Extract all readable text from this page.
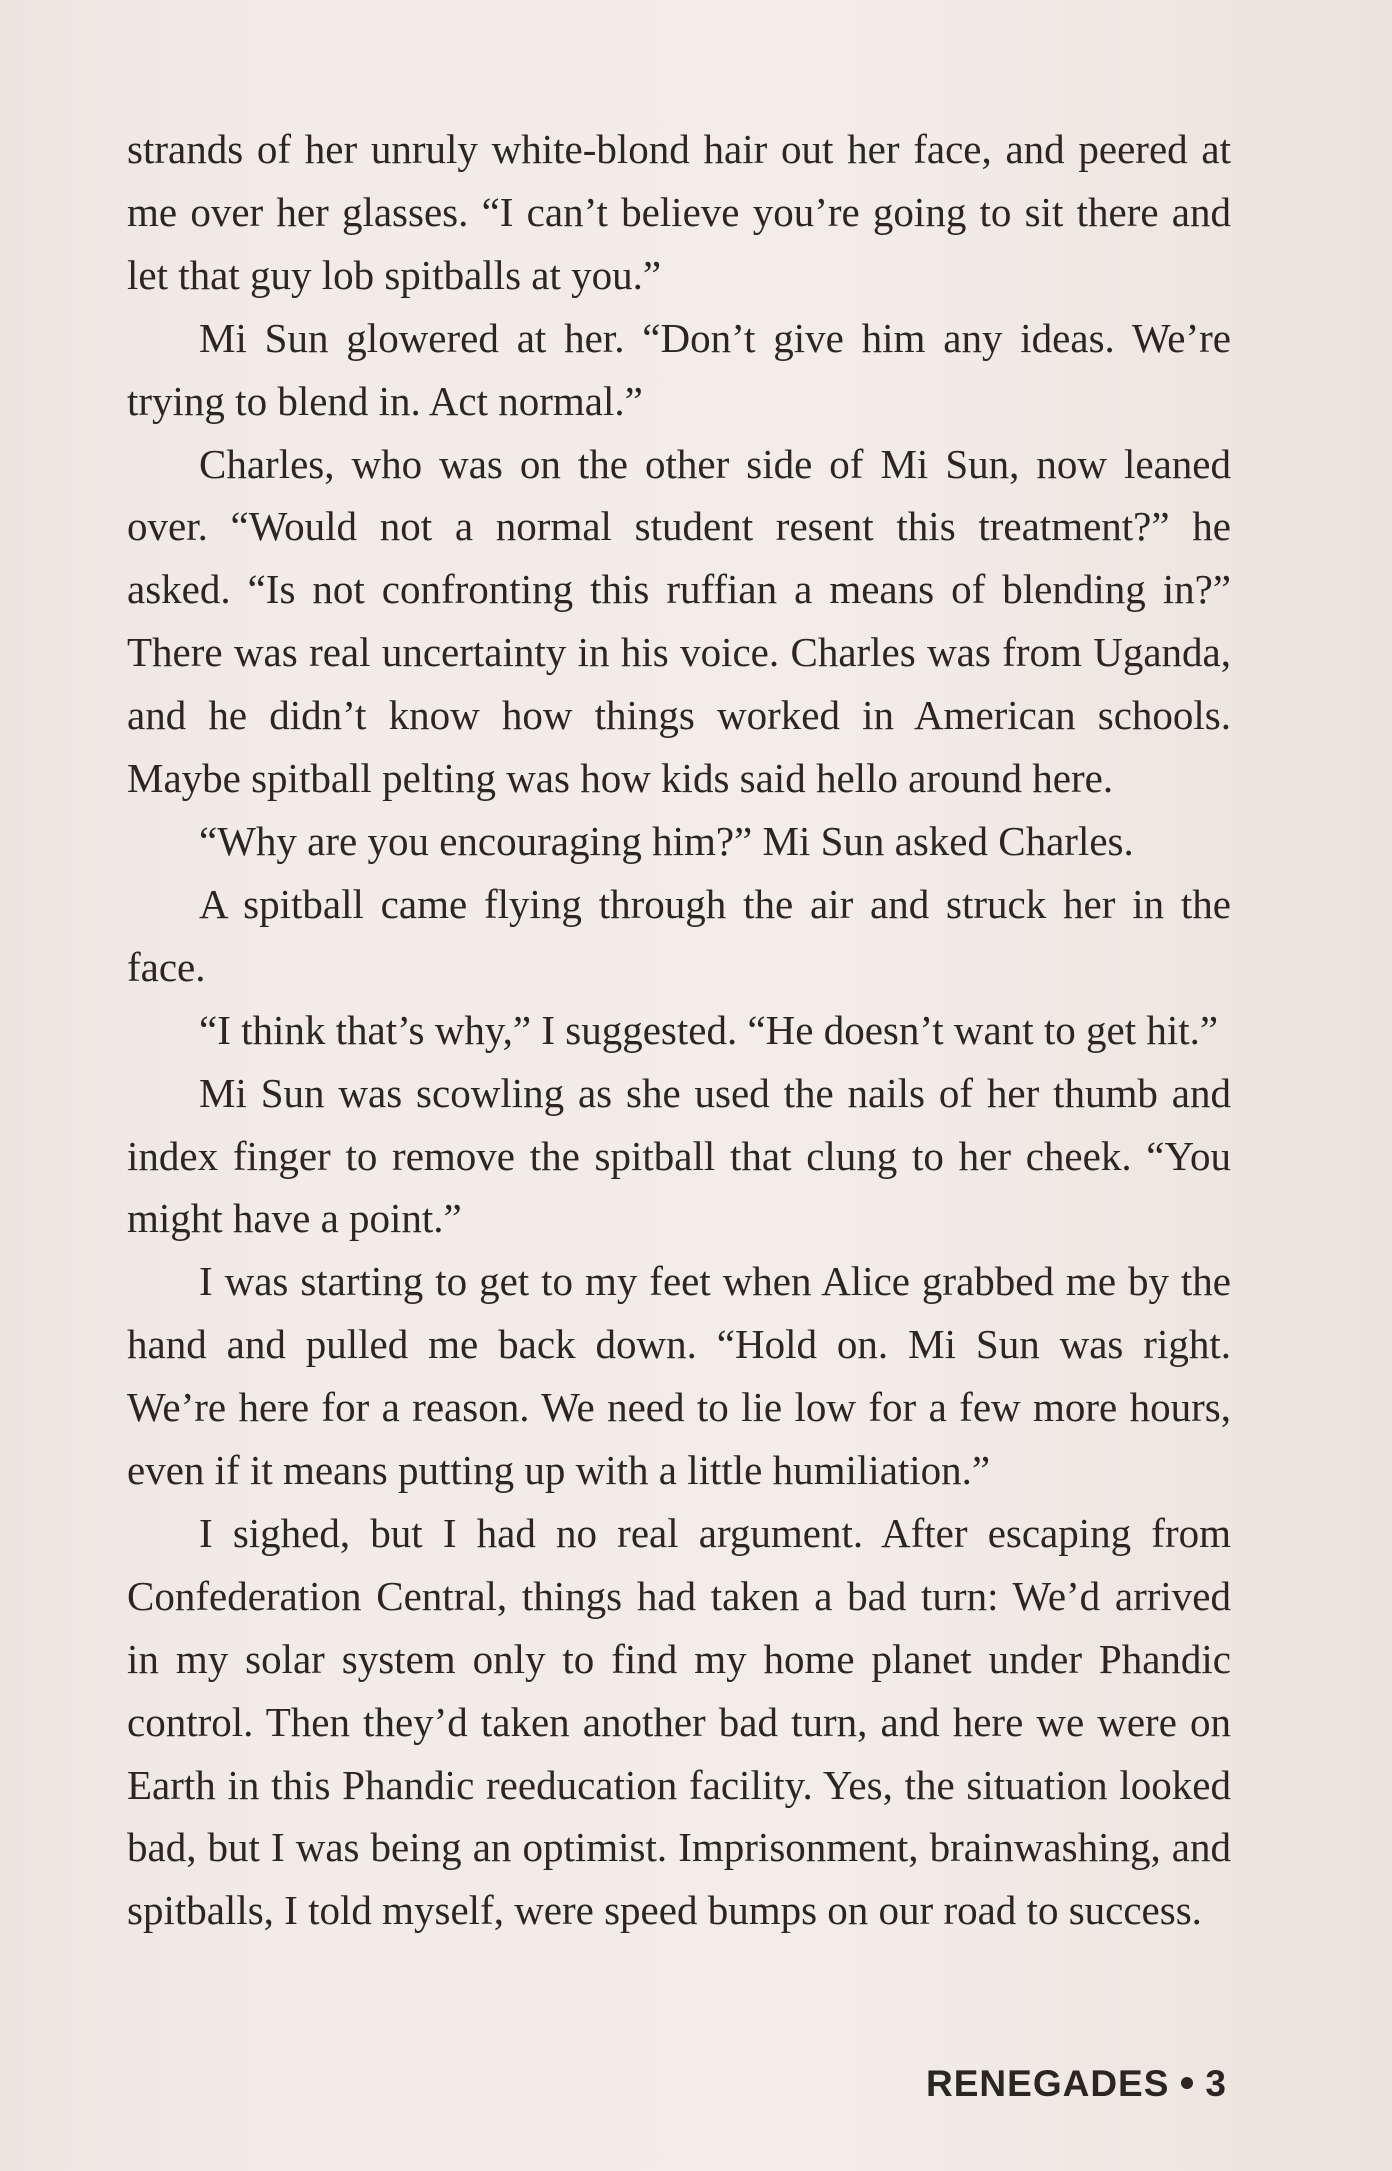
strands of her unruly white-blond hair out her face, and peered at me over her glasses. “I can’t believe you’re going to sit there and let that guy lob spitballs at you.”

Mi Sun glowered at her. “Don’t give him any ideas. We’re trying to blend in. Act normal.”

Charles, who was on the other side of Mi Sun, now leaned over. “Would not a normal student resent this treatment?” he asked. “Is not confronting this ruffian a means of blending in?” There was real uncertainty in his voice. Charles was from Uganda, and he didn’t know how things worked in American schools. Maybe spitball pelting was how kids said hello around here.

“Why are you encouraging him?” Mi Sun asked Charles.

A spitball came flying through the air and struck her in the face.

“I think that’s why,” I suggested. “He doesn’t want to get hit.”

Mi Sun was scowling as she used the nails of her thumb and index finger to remove the spitball that clung to her cheek. “You might have a point.”

I was starting to get to my feet when Alice grabbed me by the hand and pulled me back down. “Hold on. Mi Sun was right. We’re here for a reason. We need to lie low for a few more hours, even if it means putting up with a little humiliation.”

I sighed, but I had no real argument. After escaping from Confederation Central, things had taken a bad turn: We’d arrived in my solar system only to find my home planet under Phandic control. Then they’d taken another bad turn, and here we were on Earth in this Phandic reeducation facility. Yes, the situation looked bad, but I was being an optimist. Imprisonment, brainwashing, and spitballs, I told myself, were speed bumps on our road to success.

RENEGADES 3
